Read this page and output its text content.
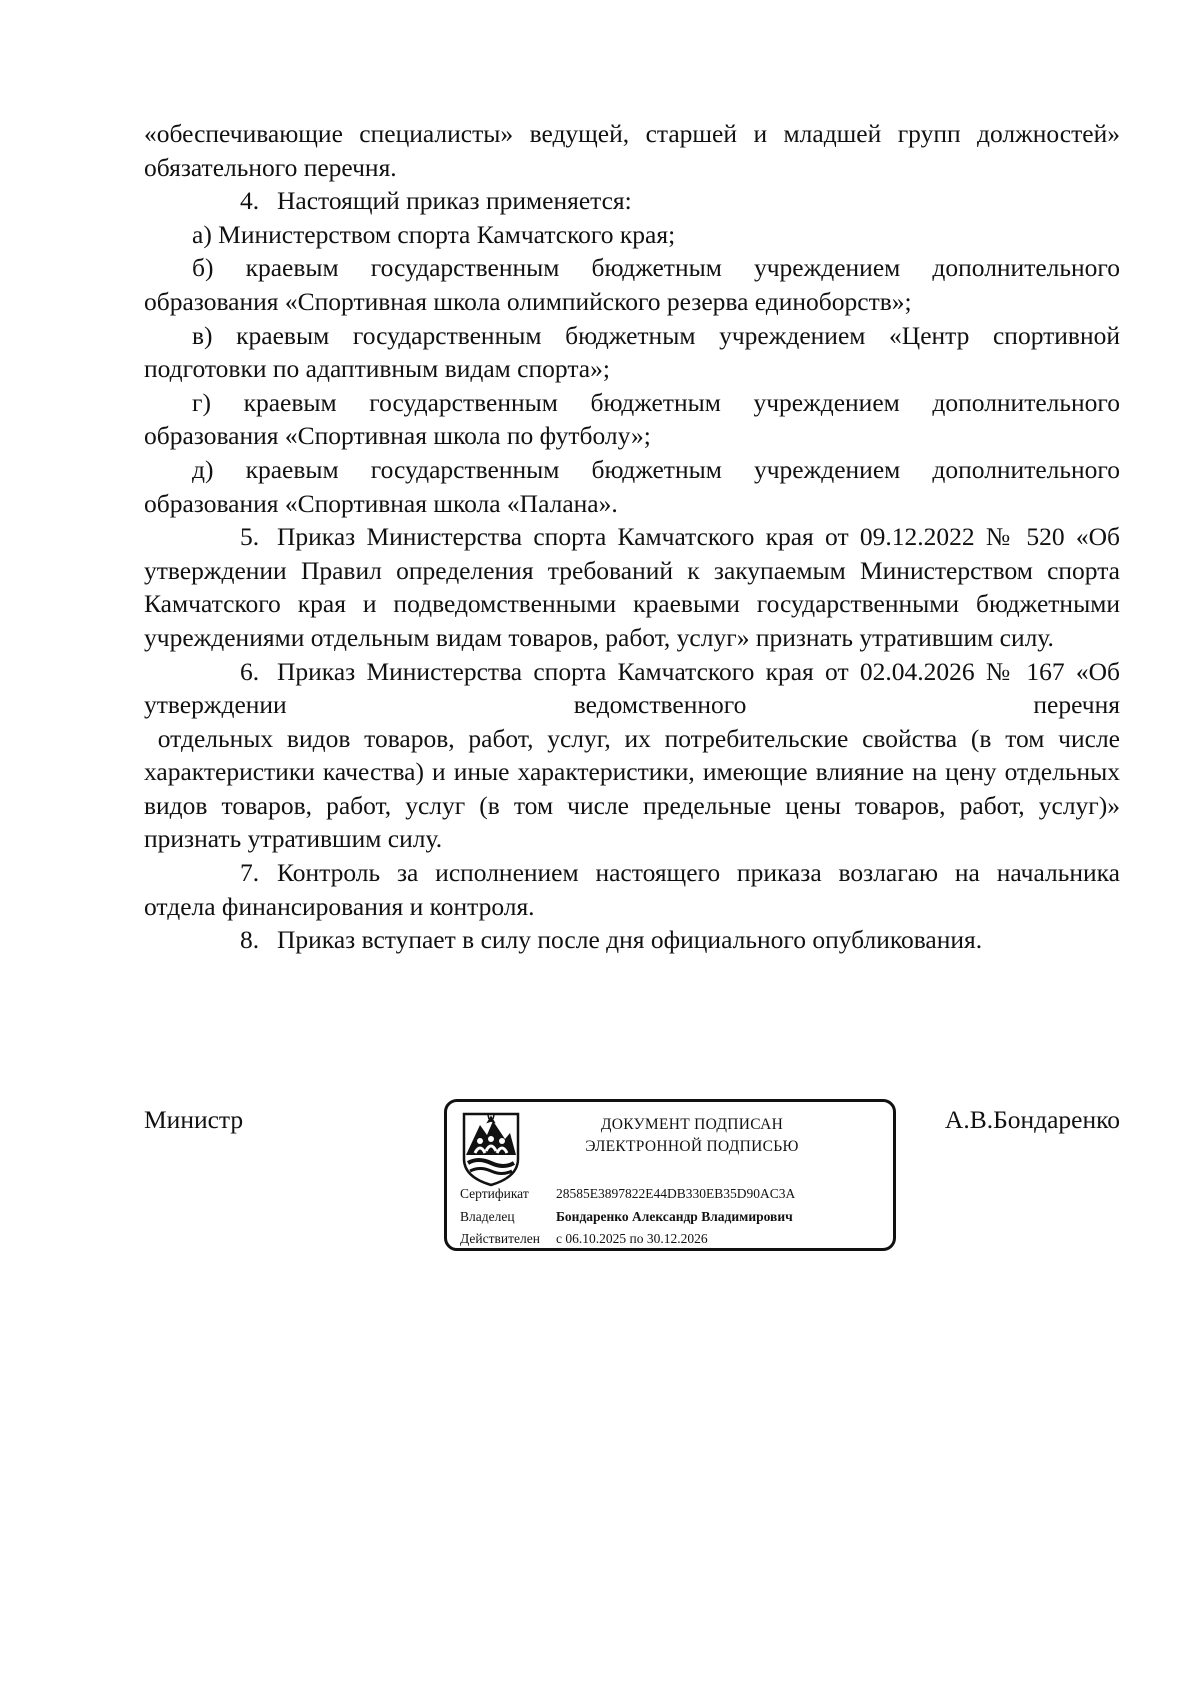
«обеспечивающие специалисты» ведущей, старшей и младшей групп должностей» обязательного перечня.

4. Настоящий приказ применяется:

а) Министерством спорта Камчатского края;

б) краевым государственным бюджетным учреждением дополнительного образования «Спортивная школа олимпийского резерва единоборств»;

в) краевым государственным бюджетным учреждением «Центр спортивной подготовки по адаптивным видам спорта»;

г) краевым государственным бюджетным учреждением дополнительного образования «Спортивная школа по футболу»;

д) краевым государственным бюджетным учреждением дополнительного образования «Спортивная школа «Палана».

5. Приказ Министерства спорта Камчатского края от 09.12.2022 № 520 «Об утверждении Правил определения требований к закупаемым Министерством спорта Камчатского края и подведомственными краевыми государственными бюджетными учреждениями отдельным видам товаров, работ, услуг» признать утратившим силу.

6. Приказ Министерства спорта Камчатского края от 02.04.2026 № 167 «Об утверждении ведомственного перечня

отдельных видов товаров, работ, услуг, их потребительские свойства (в том числе характеристики качества) и иные характеристики, имеющие влияние на цену отдельных видов товаров, работ, услуг (в том числе предельные цены товаров, работ, услуг)» признать утратившим силу.

7. Контроль за исполнением настоящего приказа возлагаю на начальника отдела финансирования и контроля.

8. Приказ вступает в силу после дня официального опубликования.

Министр	ДОКУМЕНТ ПОДПИСАН
ЭЛЕКТРОННОЙ ПОДПИСЬЮ
Сертификат 28585E3897822E44DB330EB35D90AC3A
Владелец	Бондаренко Александр Владимирович
Действителен с 06.10.2025 по 30.12.2026
А.В.Бондаренко
